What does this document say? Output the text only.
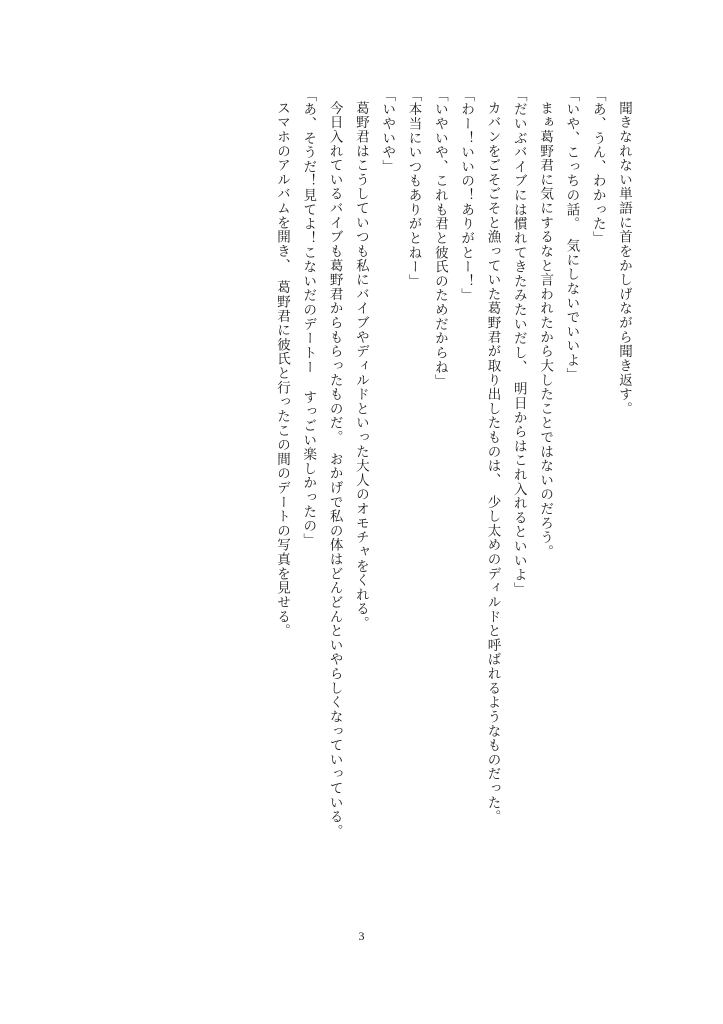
聞きなれない単語に首をかしげながら聞き返す。

「あ、うん、わかった」

「いや、こっちの話。　気にしないでいいよ」

まぁ葛野君に気にするなと言われたから大したことではないのだろう。

「だいぶバイブには慣れてきたみたいだし、　明日からはこれ入れるといいよ」

カバンをごそごそと漁っていた葛野君が取り出したものは、　少し太めのディルドと呼ばれるようなものだった。

「わー！いいの！ありがとー！」

「いやいや、これも君と彼氏のためだからね」

「本当にいつもありがとねー」

「いやいや」

葛野君はこうしていつも私にバイブやディルドといった大人のオモチャをくれる。

今日入れているバイブも葛野君からもらったものだ。　おかげで私の体はどんどんといやらしくなっていっている。

「あ、そうだ！見てよ！こないだのデートー すっごい楽しかったの」

スマホのアルバムを開き、　葛野君に彼氏と行ったこの間のデートの写真を見せる。

3
